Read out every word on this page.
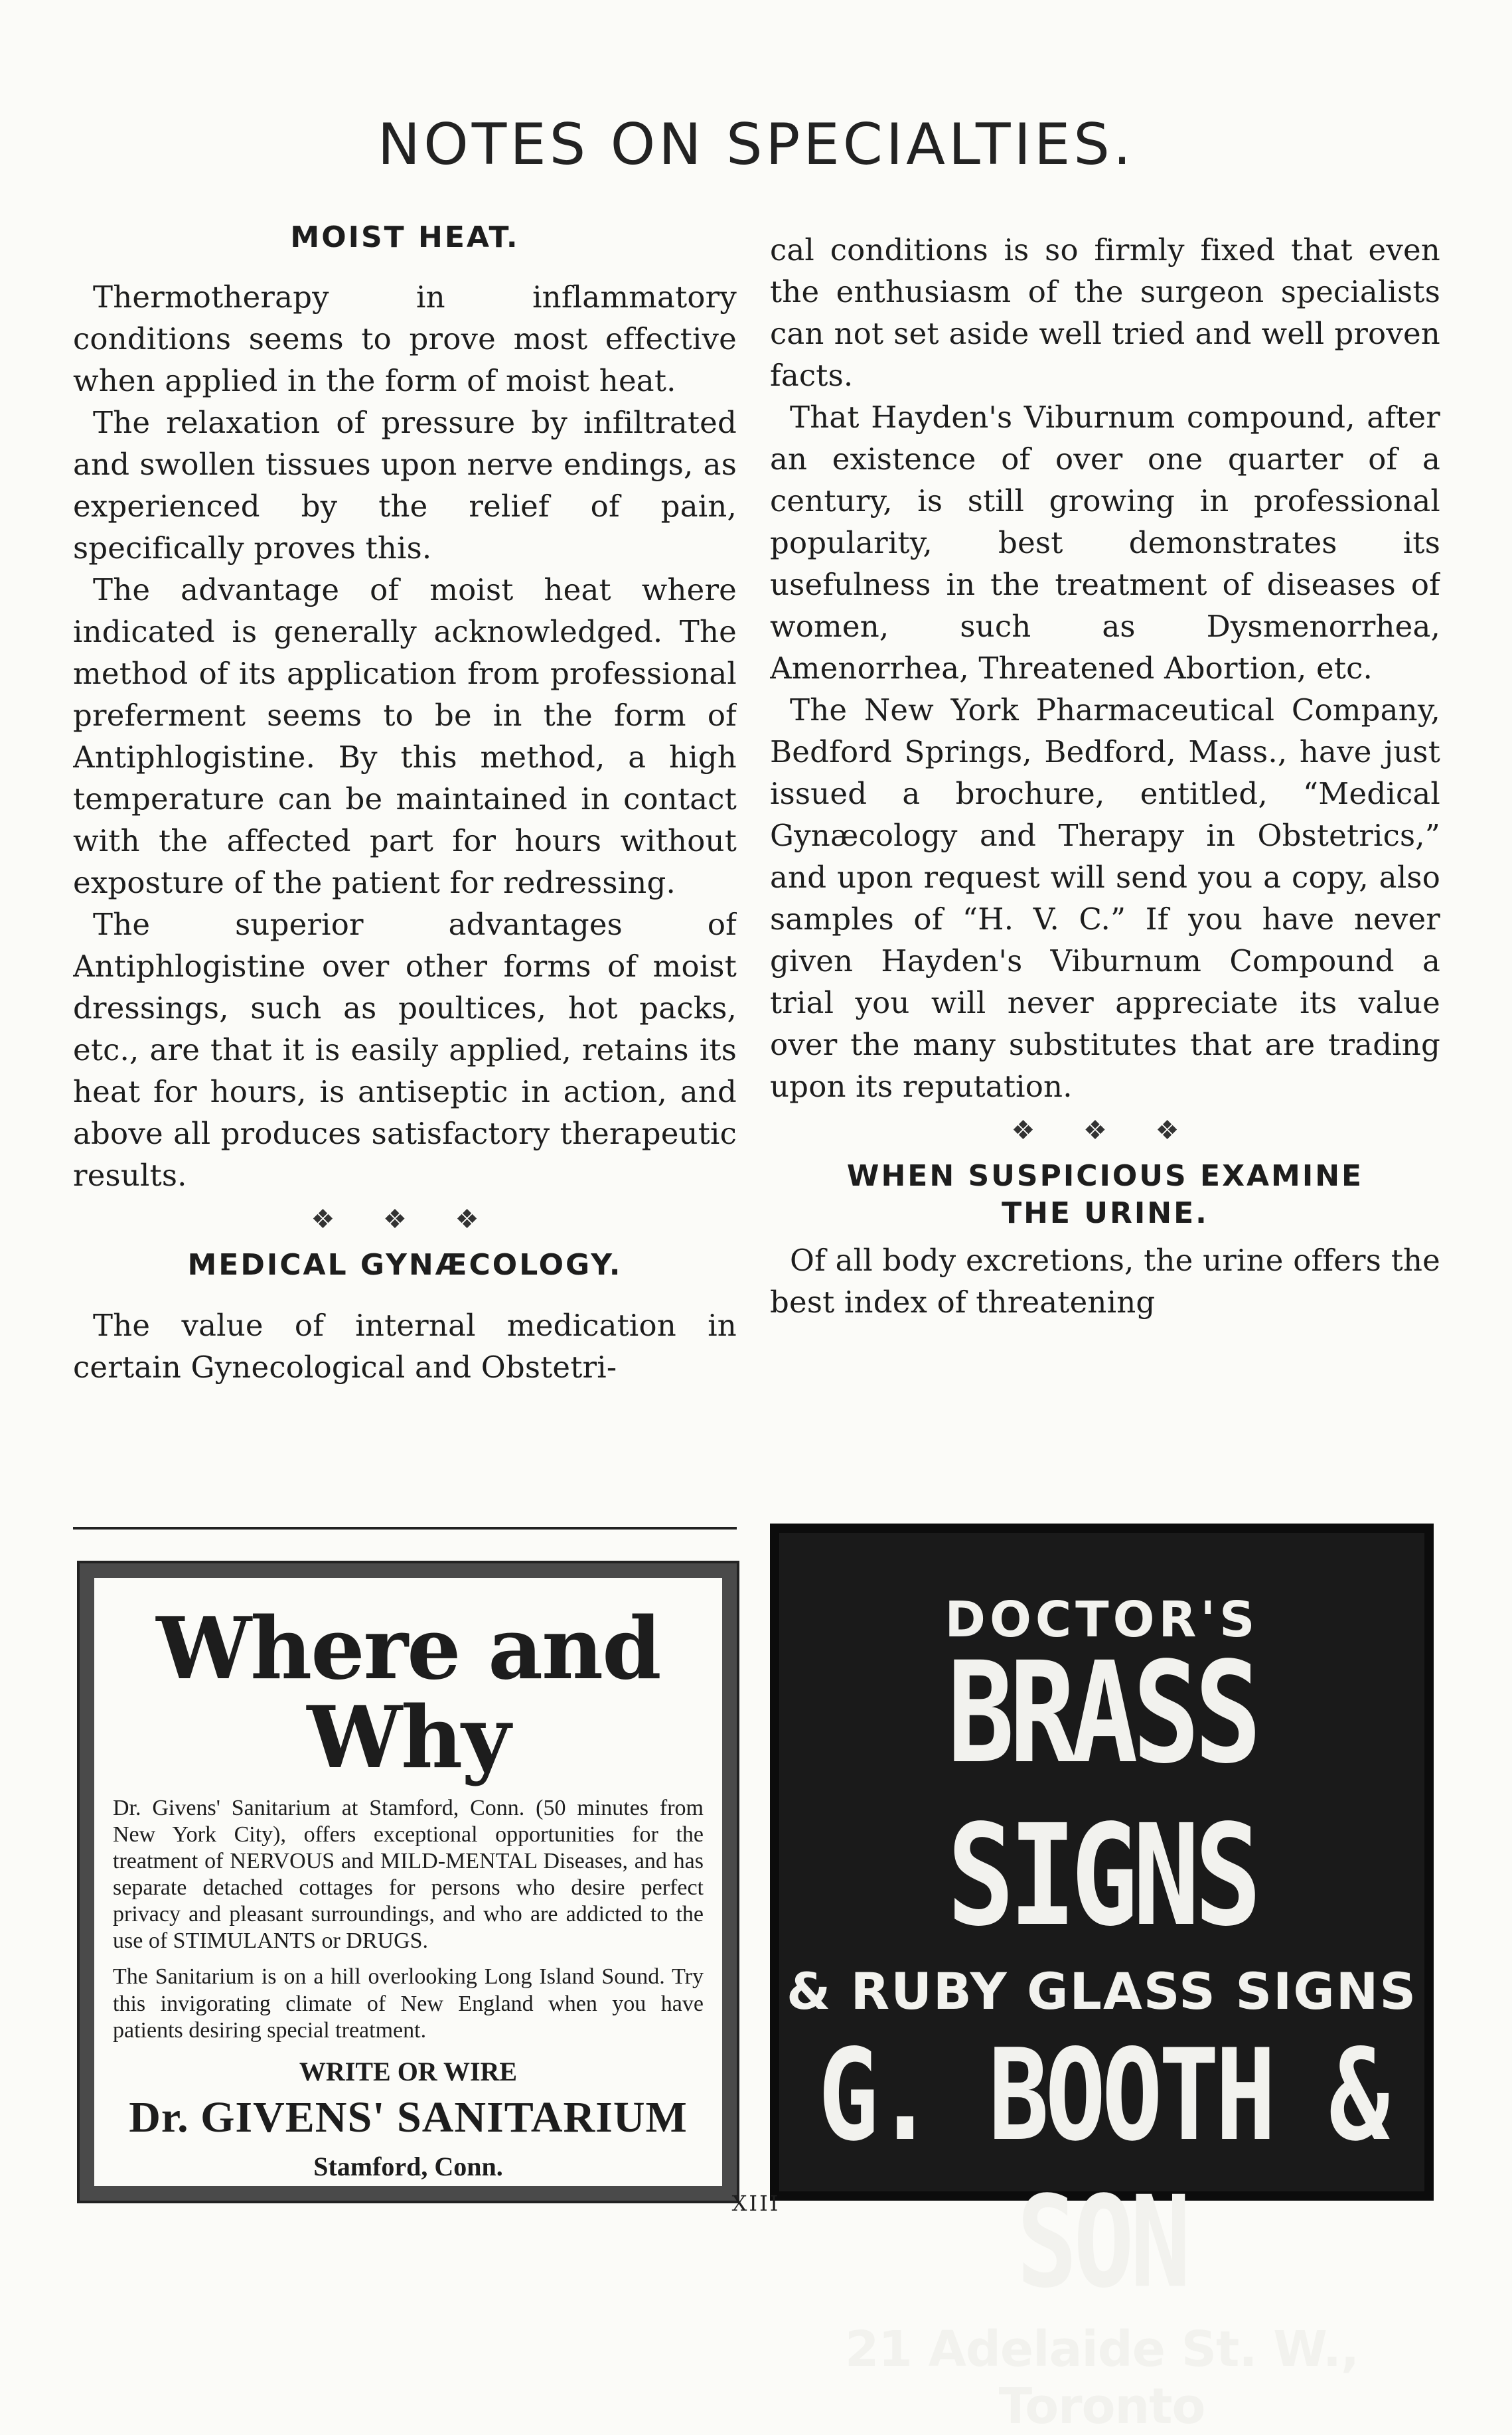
NOTES ON SPECIALTIES.
MOIST HEAT.

Thermotherapy in inflammatory conditions seems to prove most effective when applied in the form of moist heat.

The relaxation of pressure by infiltrated and swollen tissues upon nerve endings, as experienced by the relief of pain, specifically proves this.

The advantage of moist heat where indicated is generally acknowledged. The method of its application from professional preferment seems to be in the form of Antiphlogistine. By this method, a high temperature can be maintained in contact with the affected part for hours without exposture of the patient for redressing.

The superior advantages of Antiphlogistine over other forms of moist dressings, such as poultices, hot packs, etc., are that it is easily applied, retains its heat for hours, is antiseptic in action, and above all produces satisfactory therapeutic results.

❖ ❖ ❖
MEDICAL GYNÆCOLOGY.

The value of internal medication in certain Gynecological and Obstetri-

cal conditions is so firmly fixed that even the enthusiasm of the surgeon specialists can not set aside well tried and well proven facts.

That Hayden's Viburnum compound, after an existence of over one quarter of a century, is still growing in professional popularity, best demonstrates its usefulness in the treatment of diseases of women, such as Dysmenorrhea, Amenorrhea, Threatened Abortion, etc.

The New York Pharmaceutical Company, Bedford Springs, Bedford, Mass., have just issued a brochure, entitled, “Medical Gynæcology and Therapy in Obstetrics,” and upon request will send you a copy, also samples of “H. V. C.” If you have never given Hayden's Viburnum Compound a trial you will never appreciate its value over the many substitutes that are trading upon its reputation.

❖ ❖ ❖
WHEN SUSPICIOUS EXAMINE
THE URINE.

Of all body excretions, the urine offers the best index of threatening

Where and Why

Dr. Givens' Sanitarium at Stamford, Conn. (50 minutes from New York City), offers exceptional opportunities for the treatment of NERVOUS and MILD-MENTAL Diseases, and has separate detached cottages for persons who desire perfect privacy and pleasant surroundings, and who are addicted to the use of STIMULANTS or DRUGS.

The Sanitarium is on a hill overlooking Long Island Sound. Try this invigorating climate of New England when you have patients desiring special treatment.

WRITE OR WIRE
Dr. GIVENS' SANITARIUM
Stamford, Conn.
DOCTOR'S
BRASS SIGNS
& RUBY GLASS SIGNS
G. BOOTH & SON
21 Adelaide St. W., Toronto
XIII
